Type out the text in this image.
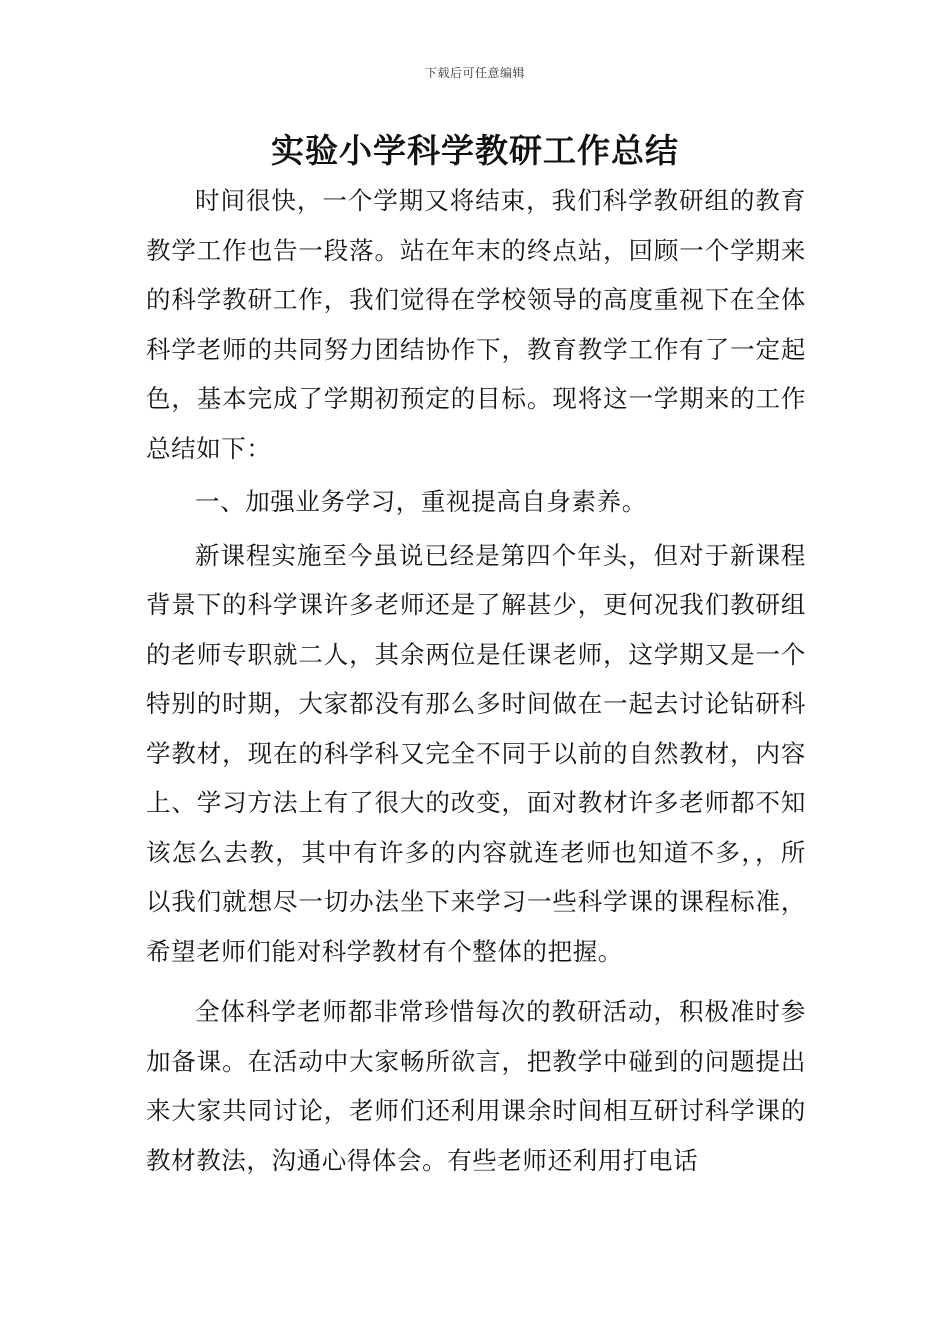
下载后可任意编辑
实验小学科学教研工作总结

时间很快，一个学期又将结束，我们科学教研组的教育教学工作也告一段落。站在年末的终点站，回顾一个学期来的科学教研工作，我们觉得在学校领导的高度重视下在全体科学老师的共同努力团结协作下，教育教学工作有了一定起色，基本完成了学期初预定的目标。现将这一学期来的工作总结如下：

一、加强业务学习，重视提高自身素养。

新课程实施至今虽说已经是第四个年头，但对于新课程背景下的科学课许多老师还是了解甚少，更何况我们教研组的老师专职就二人，其余两位是任课老师，这学期又是一个特别的时期，大家都没有那么多时间做在一起去讨论钻研科学教材，现在的科学科又完全不同于以前的自然教材，内容上、学习方法上有了很大的改变，面对教材许多老师都不知该怎么去教，其中有许多的内容就连老师也知道不多，，所以我们就想尽一切办法坐下来学习一些科学课的课程标准，希望老师们能对科学教材有个整体的把握。

全体科学老师都非常珍惜每次的教研活动，积极准时参加备课。在活动中大家畅所欲言，把教学中碰到的问题提出来大家共同讨论，老师们还利用课余时间相互研讨科学课的教材教法，沟通心得体会。有些老师还利用打电话
